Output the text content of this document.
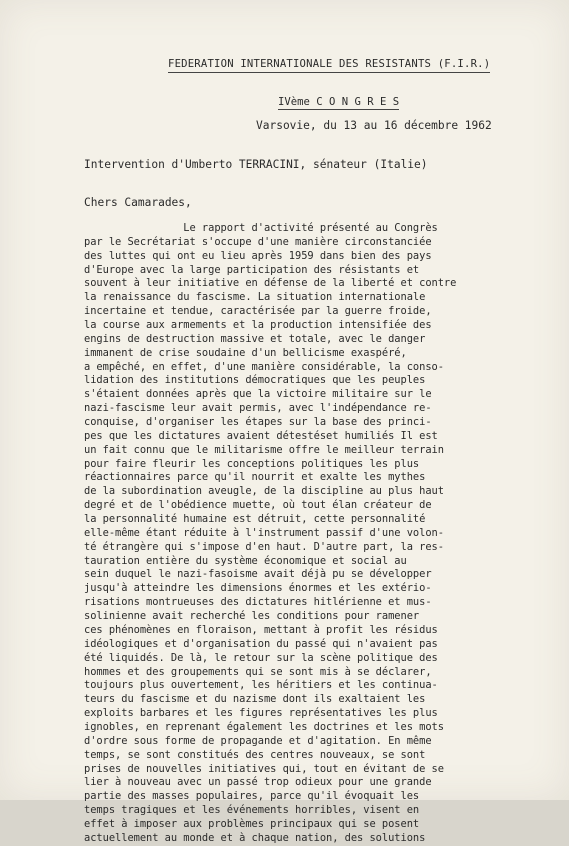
FEDERATION INTERNATIONALE DES RESISTANTS (F.I.R.)
IVème C O N G R E S
Varsovie, du 13 au 16 décembre 1962
Intervention d'Umberto TERRACINI, sénateur (Italie)
Chers Camarades,
Le rapport d'activité présenté au Congrès
par le Secrétariat s'occupe d'une manière circonstanciée
des luttes qui ont eu lieu après 1959 dans bien des pays
d'Europe avec la large participation des résistants et
souvent à leur initiative en défense de la liberté et contre
la renaissance du fascisme. La situation internationale
incertaine et tendue, caractérisée par la guerre froide,
la course aux armements et la production intensifiée des
engins de destruction massive et totale, avec le danger
immanent de crise soudaine d'un bellicisme exaspéré,
a empêché, en effet, d'une manière considérable, la conso-
lidation des institutions démocratiques que les peuples
s'étaient données après que la victoire militaire sur le
nazi-fascisme leur avait permis, avec l'indépendance re-
conquise, d'organiser les étapes sur la base des princi-
pes que les dictatures avaient détestéset humiliés Il est
un fait connu que le militarisme offre le meilleur terrain
pour faire fleurir les conceptions politiques les plus
réactionnaires parce qu'il nourrit et exalte les mythes
de la subordination aveugle, de la discipline au plus haut
degré et de l'obédience muette, où tout élan créateur de
la personnalité humaine est détruit, cette personnalité
elle-même étant réduite à l'instrument passif d'une volon-
té étrangère qui s'impose d'en haut. D'autre part, la res-
tauration entière du système économique et social au
sein duquel le nazi-fasoisme avait déjà pu se développer
jusqu'à atteindre les dimensions énormes et les extério-
risations montrueuses des dictatures hitlérienne et mus-
solinienne avait recherché les conditions pour ramener
ces phénomènes en floraison, mettant à profit les résidus
idéologiques et d'organisation du passé qui n'avaient pas
été liquidés. De là, le retour sur la scène politique des
hommes et des groupements qui se sont mis à se déclarer,
toujours plus ouvertement, les héritiers et les continua-
teurs du fascisme et du nazisme dont ils exaltaient les
exploits barbares et les figures représentatives les plus
ignobles, en reprenant également les doctrines et les mots
d'ordre sous forme de propagande et d'agitation. En même
temps, se sont constitués des centres nouveaux, se sont
prises de nouvelles initiatives qui, tout en évitant de se
lier à nouveau avec un passé trop odieux pour une grande
partie des masses populaires, parce qu'il évoquait les
temps tragiques et les événements horribles, visent en
effet à imposer aux problèmes principaux qui se posent
actuellement au monde et à chaque nation, des solutions
